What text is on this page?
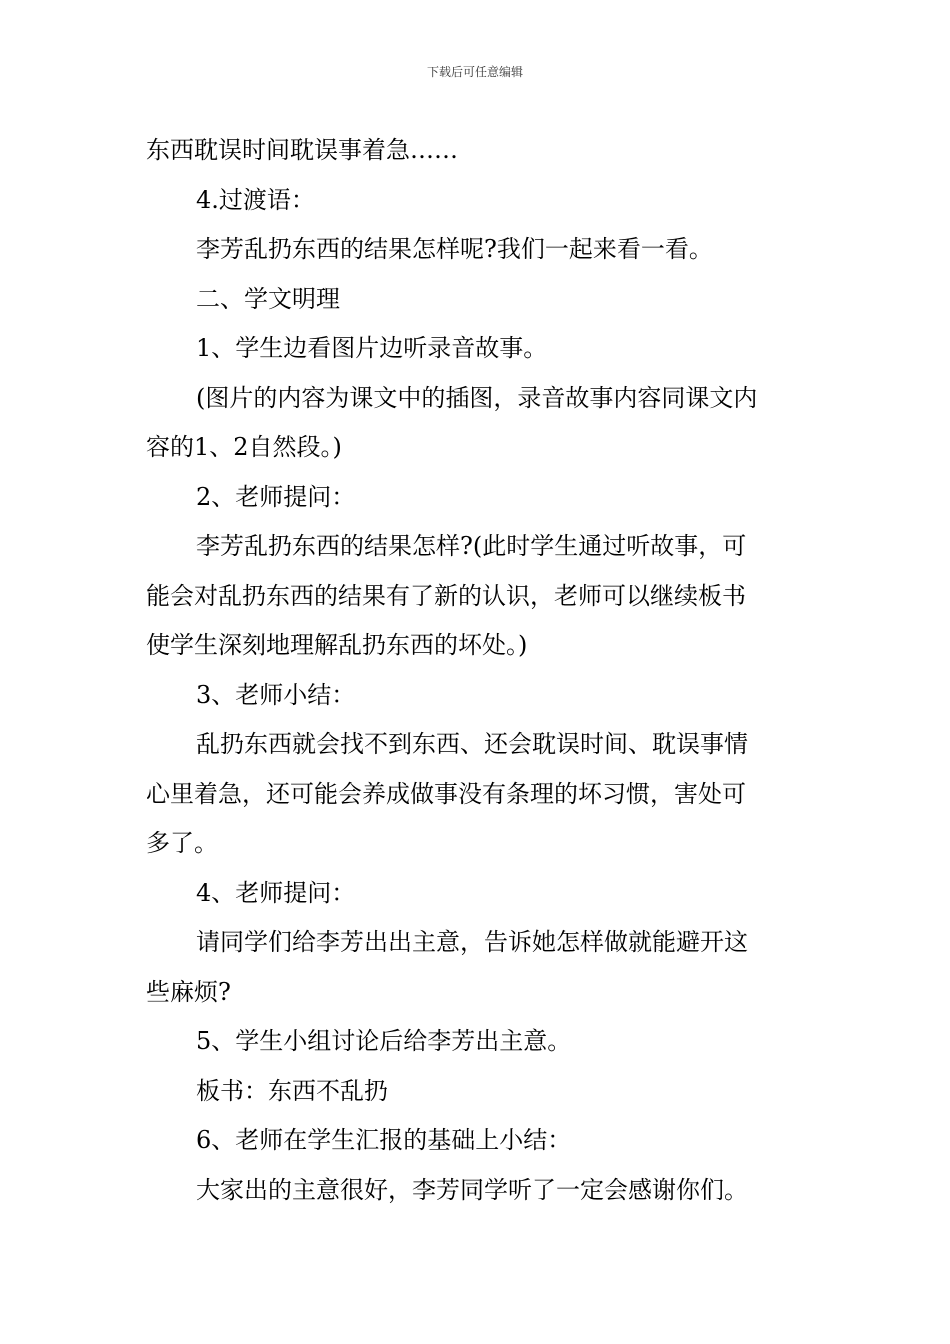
下载后可任意编辑
东西耽误时间耽误事着急……
4.过渡语：
李芳乱扔东西的结果怎样呢?我们一起来看一看。
二、学文明理
1、学生边看图片边听录音故事。
(图片的内容为课文中的插图，录音故事内容同课文内
容的1、2自然段。)
2、老师提问：
李芳乱扔东西的结果怎样?(此时学生通过听故事，可
能会对乱扔东西的结果有了新的认识，老师可以继续板书
使学生深刻地理解乱扔东西的坏处。)
3、老师小结：
乱扔东西就会找不到东西、还会耽误时间、耽误事情
心里着急，还可能会养成做事没有条理的坏习惯，害处可
多了。
4、老师提问：
请同学们给李芳出出主意，告诉她怎样做就能避开这
些麻烦?
5、学生小组讨论后给李芳出主意。
板书：东西不乱扔
6、老师在学生汇报的基础上小结：
大家出的主意很好，李芳同学听了一定会感谢你们。
